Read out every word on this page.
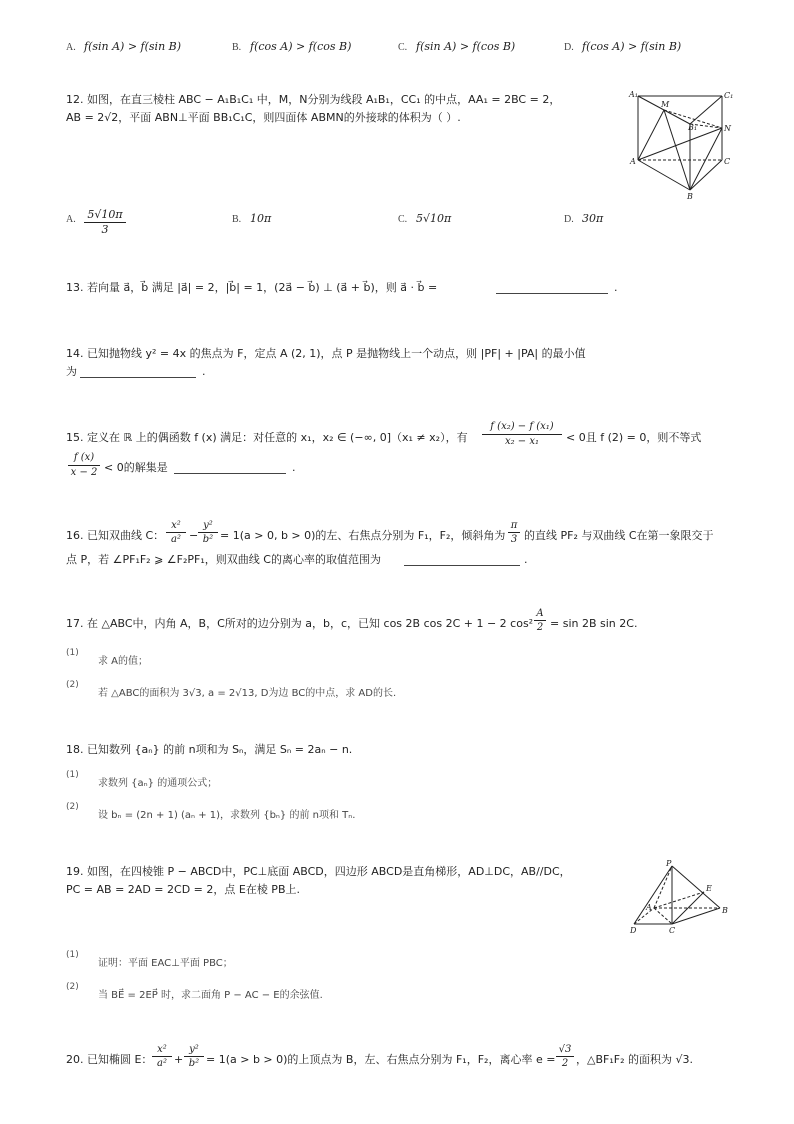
A. f(sin A) > f(sin B)	B. f(cos A) > f(cos B)	C. f(sin A) > f(cos B)	D. f(cos A) > f(sin B)
12. 如图，在直三棱柱 ABC − A₁B₁C₁ 中，M，N分别为线段 A₁B₁，CC₁ 的中点，AA₁ = 2BC = 2，
AB = 2√2，平面 ABN⊥平面 BB₁C₁C，则四面体 ABMN的外接球的体积为（ ）.
A₁
M
C₁
B₁	N
A	C
B
A. $\frac{5√10\pi}{3}$	B. 10π	C. 5√10π	D. 30π
13. 若向量 a⃗，b⃗ 满足 |a⃗| = 2，|b⃗| = 1，(2a⃗ − b⃗) ⊥ (a⃗ + b⃗)，则 a⃗ · b⃗ =	.
14. 已知抛物线 y² = 4x 的焦点为 F，定点 A (2, 1)，点 P 是抛物线上一个动点，则 |PF| + |PA| 的最小值
为	.
15. 定义在 ℝ 上的偶函数 f (x) 满足：对任意的 x₁，x₂ ∈ (−∞, 0]（x₁ ≠ x₂），有 $\frac{\text{f (x₂) − f (x₁)}}{\text{x₂ − x₁}} < 0$且 f (2) = 0，则不等式
$\frac{f (x)}{x - 2} < 0$的解集是	.
16. 已知双曲线 C： $\frac{\text{x²}}{\text{a²}} - \frac{\text{y²}}{\text{b²}} = 1(a > 0$, b > 0)的左、右焦点分别为 F₁，F₂，倾斜角为 $\frac{\pi}{3}$ 的直线 PF₂ 与双曲线 C在第一象限交于
点 P，若 ∠PF₁F₂ ⩾ ∠F₂PF₁，则双曲线 C的离心率的取值范围为	.
17. 在 △ABC中，内角 A，B，C所对的边分别为 a，b，c，已知 cos 2B cos 2C + 1 − 2 $\cos^2 \frac{A}{2} = \sin 2B$ sin 2C.
(1)
求 A的值；
(2)
若 △ABC的面积为 3√3, a = 2√13, D为边 BC的中点，求 AD的长.
18. 已知数列 {aₙ} 的前 n项和为 Sₙ，满足 Sₙ = 2aₙ − n.
(1)
求数列 {aₙ} 的通项公式；
(2)
设 bₙ = (2n + 1) (aₙ + 1)，求数列 {bₙ} 的前 n项和 Tₙ.
19. 如图，在四棱锥 P − ABCD中，PC⊥底面 ABCD，四边形 ABCD是直角梯形，AD⊥DC，AB//DC，
PC = AB = 2AD = 2CD = 2，点 E在棱 PB上.
P
E
A	B
D	C
(1)
证明：平面 EAC⊥平面 PBC；
(2)
当 BE⃗ = 2EP⃗ 时，求二面角 P − AC − E的余弦值.
20. 已知椭圆 E： $\frac{\text{x²}}{\text{a²}} + \frac{\text{y²}}{\text{b²}} = 1(a > b > 0)$的上顶点为 B，左、右焦点分别为 F₁，F₂，离心率 $e = \frac{√3}{2}$ ，△BF₁F₂ 的面积为 √3.
